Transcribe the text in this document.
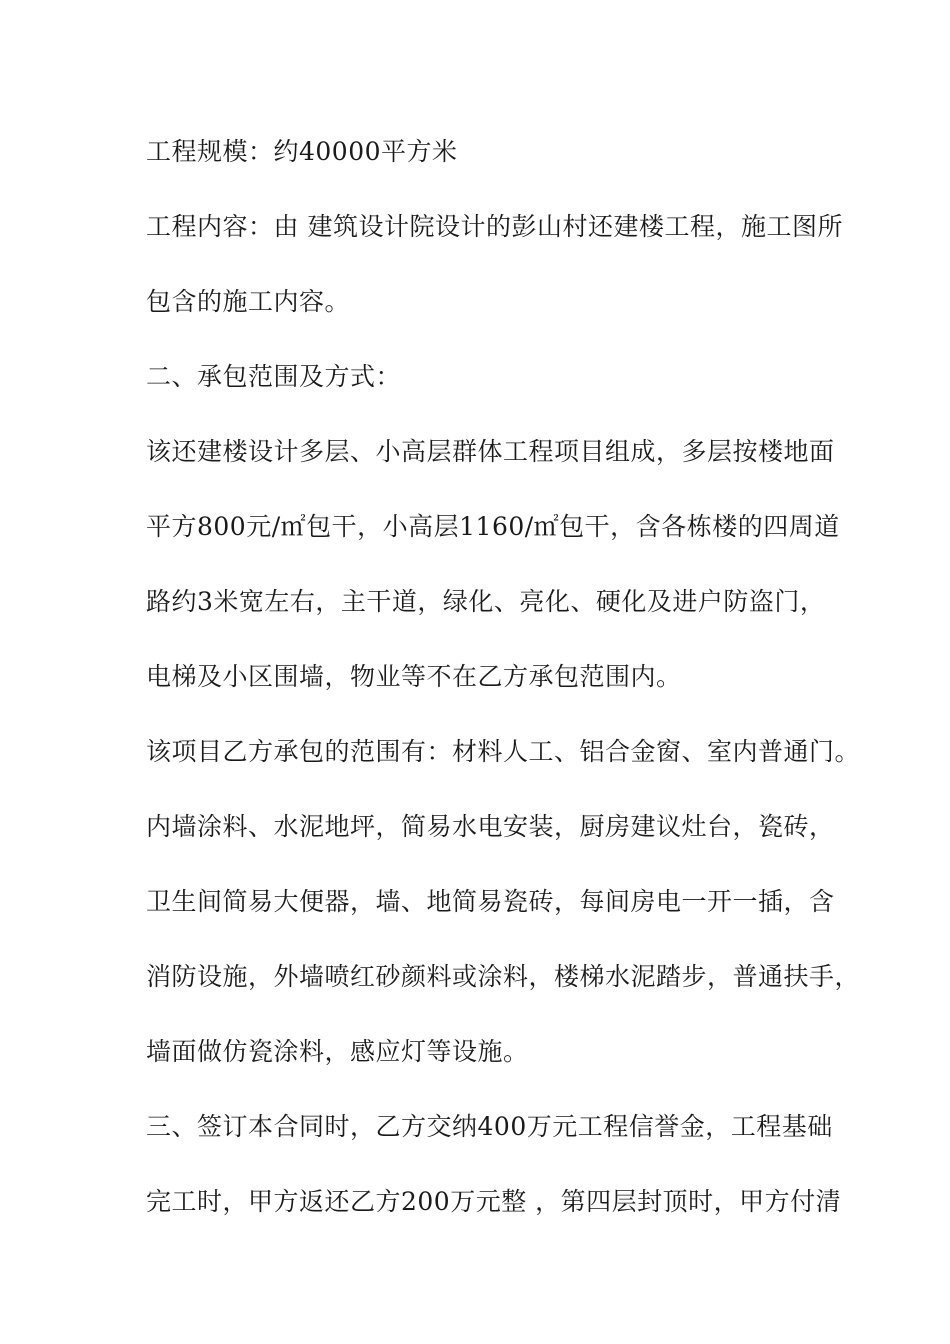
工程规模：约40000平方米
工程内容：由 建筑设计院设计的彭山村还建楼工程，施工图所
包含的施工内容。
二、承包范围及方式：
该还建楼设计多层、小高层群体工程项目组成，多层按楼地面
平方800元/㎡包干，小高层1160/㎡包干，含各栋楼的四周道
路约3米宽左右，主干道，绿化、亮化、硬化及进户防盗门，
电梯及小区围墙，物业等不在乙方承包范围内。
该项目乙方承包的范围有：材料人工、铝合金窗、室内普通门。
内墙涂料、水泥地坪，简易水电安装，厨房建议灶台，瓷砖，
卫生间简易大便器，墙、地简易瓷砖，每间房电一开一插，含
消防设施，外墙喷红砂颜料或涂料，楼梯水泥踏步，普通扶手，
墙面做仿瓷涂料，感应灯等设施。
三、签订本合同时，乙方交纳400万元工程信誉金，工程基础
完工时，甲方返还乙方200万元整 ，第四层封顶时，甲方付清
